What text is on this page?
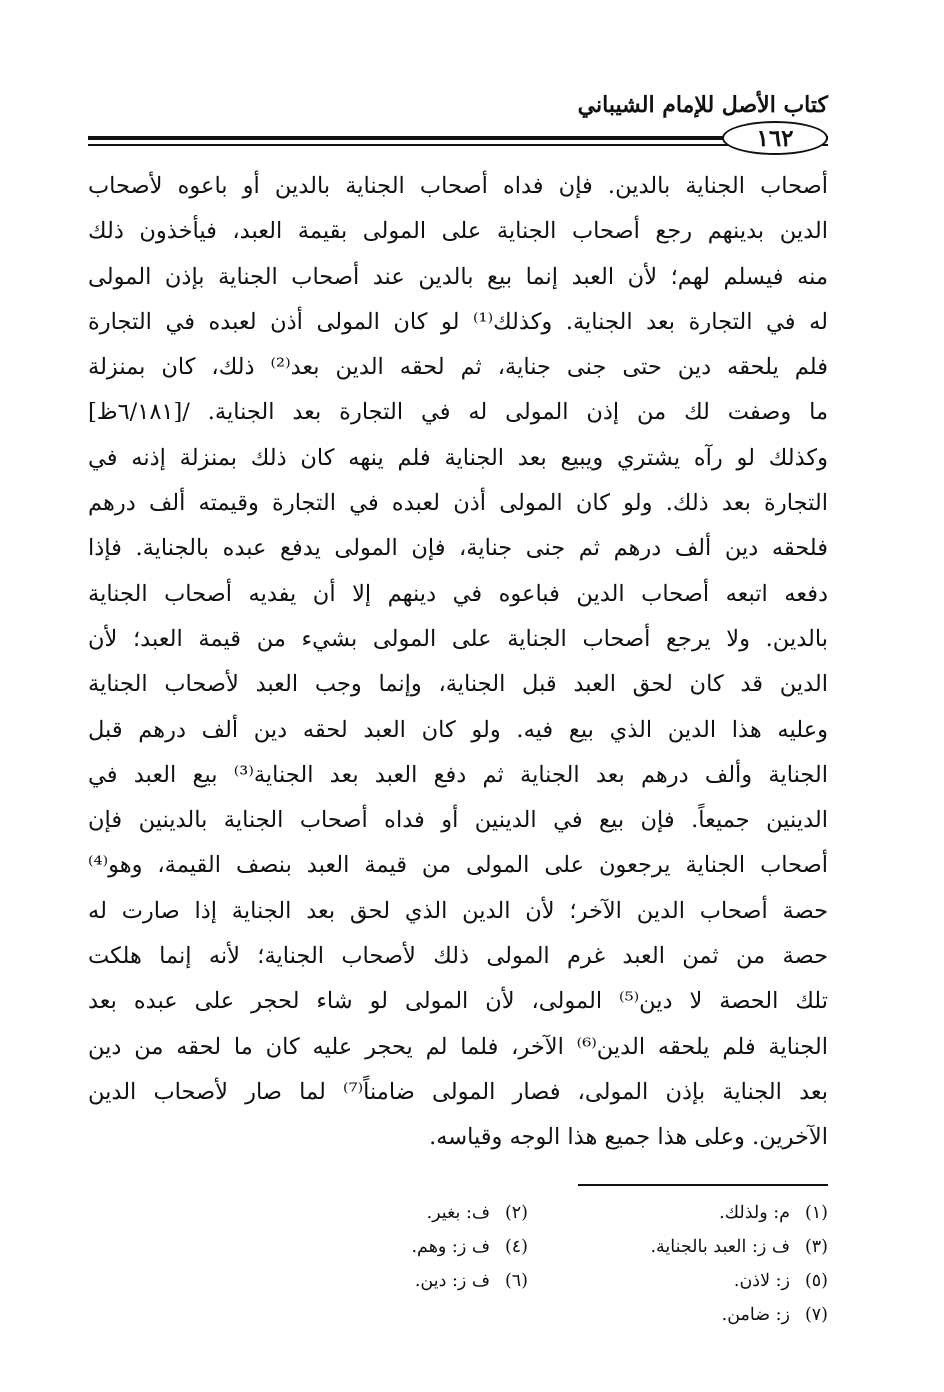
كتاب الأصل للإمام الشيباني
١٦٢
أصحاب الجناية بالدين. فإن فداه أصحاب الجناية بالدين أو باعوه لأصحاب
الدين بدينهم رجع أصحاب الجناية على المولى بقيمة العبد، فيأخذون ذلك
منه فيسلم لهم؛ لأن العبد إنما بيع بالدين عند أصحاب الجناية بإذن المولى
له في التجارة بعد الجناية. وكذلك⁽¹⁾ لو كان المولى أذن لعبده في التجارة
فلم يلحقه دين حتى جنى جناية، ثم لحقه الدين بعد⁽²⁾ ذلك، كان بمنزلة
ما وصفت لك من إذن المولى له في التجارة بعد الجناية. /[٦/١٨١ظ]
وكذلك لو رآه يشتري ويبيع بعد الجناية فلم ينهه كان ذلك بمنزلة إذنه في
التجارة بعد ذلك. ولو كان المولى أذن لعبده في التجارة وقيمته ألف درهم
فلحقه دين ألف درهم ثم جنى جناية، فإن المولى يدفع عبده بالجناية. فإذا
دفعه اتبعه أصحاب الدين فباعوه في دينهم إلا أن يفديه أصحاب الجناية
بالدين. ولا يرجع أصحاب الجناية على المولى بشيء من قيمة العبد؛ لأن
الدين قد كان لحق العبد قبل الجناية، وإنما وجب العبد لأصحاب الجناية
وعليه هذا الدين الذي بيع فيه. ولو كان العبد لحقه دين ألف درهم قبل
الجناية وألف درهم بعد الجناية ثم دفع العبد بعد الجناية⁽³⁾ بيع العبد في
الدينين جميعاً. فإن بيع في الدينين أو فداه أصحاب الجناية بالدينين فإن
أصحاب الجناية يرجعون على المولى من قيمة العبد بنصف القيمة، وهو⁽⁴⁾
حصة أصحاب الدين الآخر؛ لأن الدين الذي لحق بعد الجناية إذا صارت له
حصة من ثمن العبد غرم المولى ذلك لأصحاب الجناية؛ لأنه إنما هلكت
تلك الحصة لا دين⁽⁵⁾ المولى، لأن المولى لو شاء لحجر على عبده بعد
الجناية فلم يلحقه الدين⁽⁶⁾ الآخر، فلما لم يحجر عليه كان ما لحقه من دين
بعد الجناية بإذن المولى، فصار المولى ضامناً⁽⁷⁾ لما صار لأصحاب الدين
الآخرين. وعلى هذا جميع هذا الوجه وقياسه.
(١)م: ولذلك.
(٢)ف: بغير.
(٣)ف ز: العبد بالجناية.
(٤)ف ز: وهم.
(٥)ز: لاذن.
(٦)ف ز: دين.
(٧)ز: ضامن.
